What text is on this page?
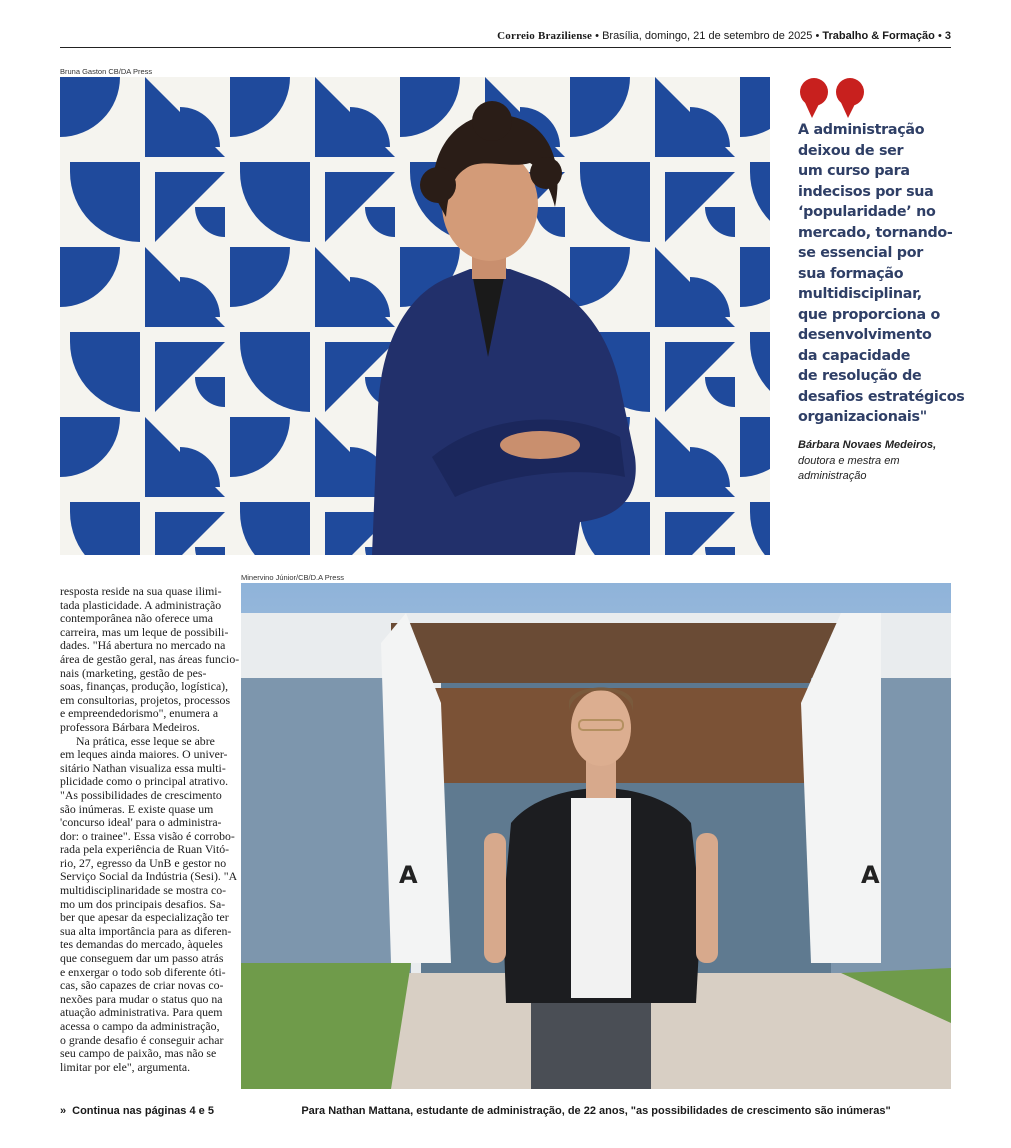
Correio Braziliense • Brasília, domingo, 21 de setembro de 2025 • Trabalho & Formação • 3
Bruna Gaston CB/DA Press
A administração
deixou de ser
um curso para
indecisos por sua
‘popularidade’ no
mercado, tornando-
se essencial por
sua formação
multidisciplinar,
que proporciona o
desenvolvimento
da capacidade
de resolução de
desafios estratégicos
organizacionais"
Bárbara Novaes Medeiros,
doutora e mestra em
administração
resposta reside na sua quase ilimi-
tada plasticidade. A administração
contemporânea não oferece uma
carreira, mas um leque de possibili-
dades. "Há abertura no mercado na
área de gestão geral, nas áreas funcio-
nais (marketing, gestão de pes-
soas, finanças, produção, logística),
em consultorias, projetos, processos
e empreendedorismo", enumera a
professora Bárbara Medeiros.
Na prática, esse leque se abre
em leques ainda maiores. O univer-
sitário Nathan visualiza essa multi-
plicidade como o principal atrativo.
"As possibilidades de crescimento
são inúmeras. E existe quase um
'concurso ideal' para o administra-
dor: o trainee". Essa visão é corrobo-
rada pela experiência de Ruan Vitó-
rio, 27, egresso da UnB e gestor no
Serviço Social da Indústria (Sesi). "A
multidisciplinaridade se mostra co-
mo um dos principais desafios. Sa-
ber que apesar da especialização ter
sua alta importância para as diferen-
tes demandas do mercado, àqueles
que conseguem dar um passo atrás
e enxergar o todo sob diferente óti-
cas, são capazes de criar novas co-
nexões para mudar o status quo na
atuação administrativa. Para quem
acessa o campo da administração,
o grande desafio é conseguir achar
seu campo de paixão, mas não se
limitar por ele", argumenta.
Minervino Júnior/CB/D.A Press
A	A
» Continua nas páginas 4 e 5	Para Nathan Mattana, estudante de administração, de 22 anos, "as possibilidades de crescimento são inúmeras"
